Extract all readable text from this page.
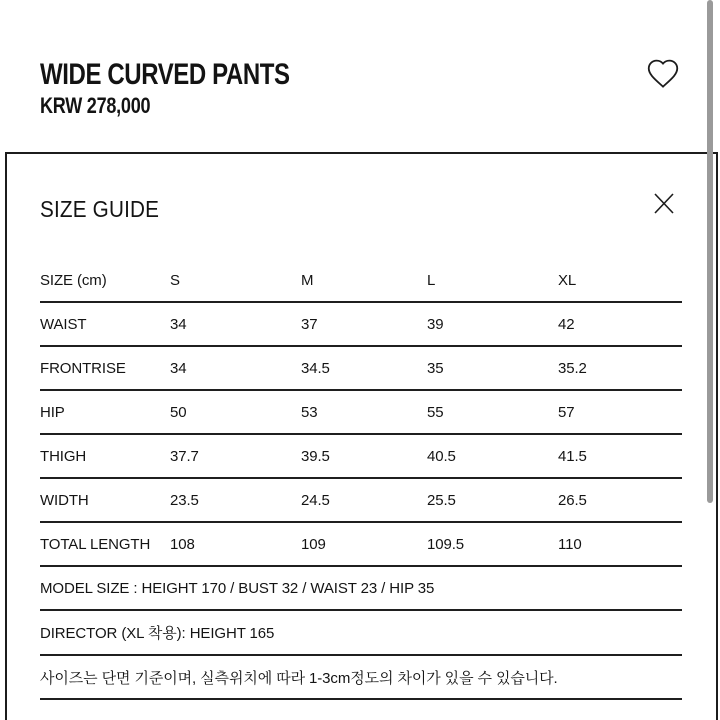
WIDE CURVED PANTS
KRW 278,000
SIZE GUIDE
SIZE (cm)	S	M	L	XL
WAIST	34	37	39	42
FRONTRISE	34	34.5	35	35.2
HIP	50	53	55	57
THIGH	37.7	39.5	40.5	41.5
WIDTH	23.5	24.5	25.5	26.5
TOTAL LENGTH	108	109	109.5	110
MODEL SIZE : HEIGHT 170 / BUST 32 / WAIST 23 / HIP 35
DIRECTOR (XL 착용): HEIGHT 165
사이즈는 단면 기준이며, 실측위치에 따라 1-3cm정도의 차이가 있을 수 있습니다.
